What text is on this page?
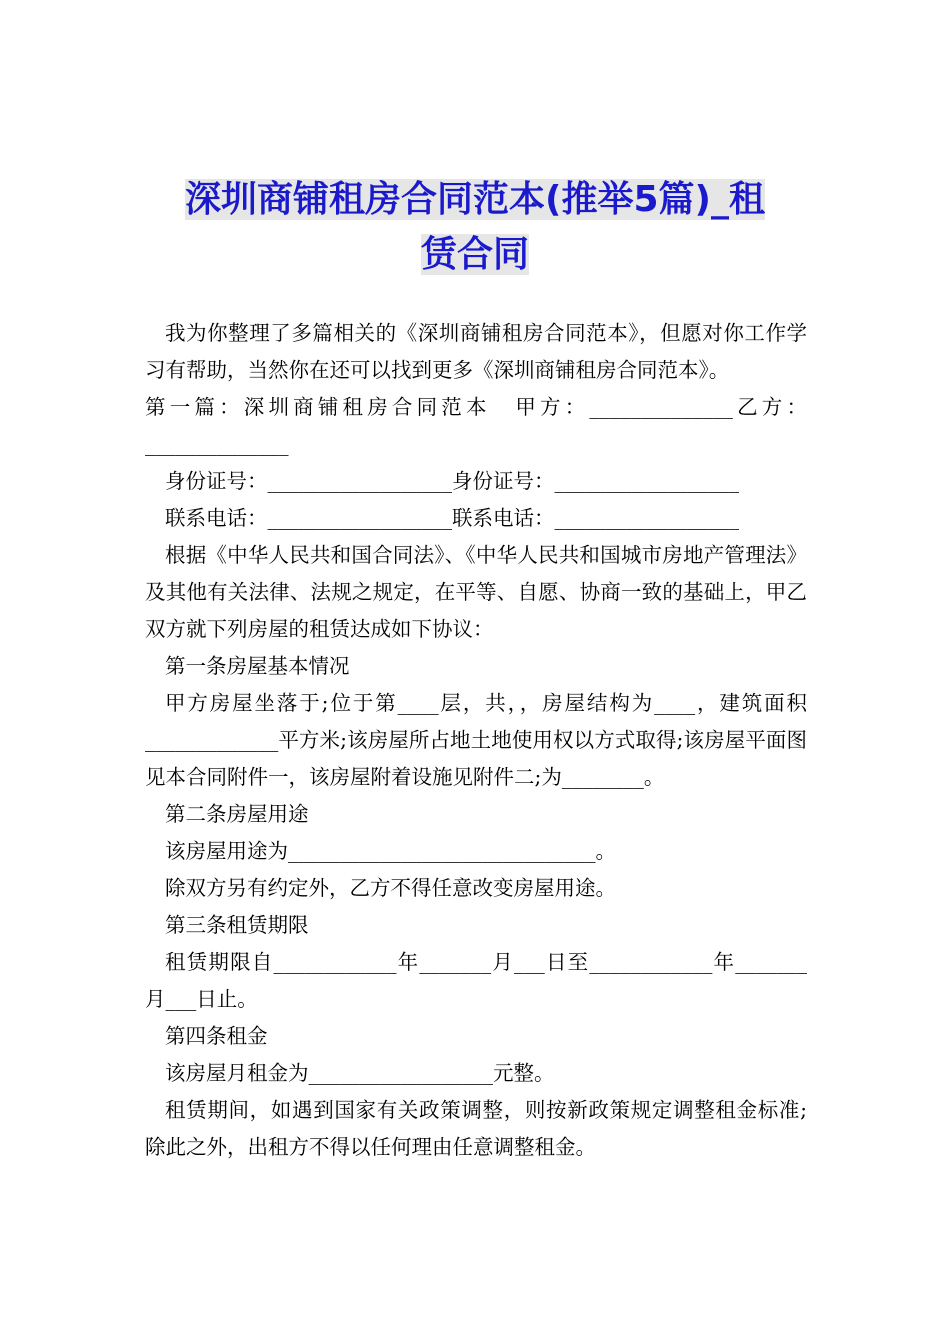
深圳商铺租房合同范本(推举5篇)_租
赁合同

我为你整理了多篇相关的《深圳商铺租房合同范本》，但愿对你工作学习有帮助，当然你在还可以找到更多《深圳商铺租房合同范本》。

第一篇：深圳商铺租房合同范本　甲方：______________乙方：______________

身份证号：__________________身份证号：__________________

联系电话：__________________联系电话：__________________

根据《中华人民共和国合同法》、《中华人民共和国城市房地产管理法》及其他有关法律、法规之规定，在平等、自愿、协商一致的基础上，甲乙双方就下列房屋的租赁达成如下协议：

第一条房屋基本情况

甲方房屋坐落于;位于第____层，共，，房屋结构为____，建筑面积_____________平方米;该房屋所占地土地使用权以方式取得;该房屋平面图见本合同附件一，该房屋附着设施见附件二;为________。

第二条房屋用途

该房屋用途为______________________________。

除双方另有约定外，乙方不得任意改变房屋用途。

第三条租赁期限

租赁期限自____________年_______月___日至____________年_______月___日止。

第四条租金

该房屋月租金为__________________元整。

租赁期间，如遇到国家有关政策调整，则按新政策规定调整租金标准;除此之外，出租方不得以任何理由任意调整租金。
